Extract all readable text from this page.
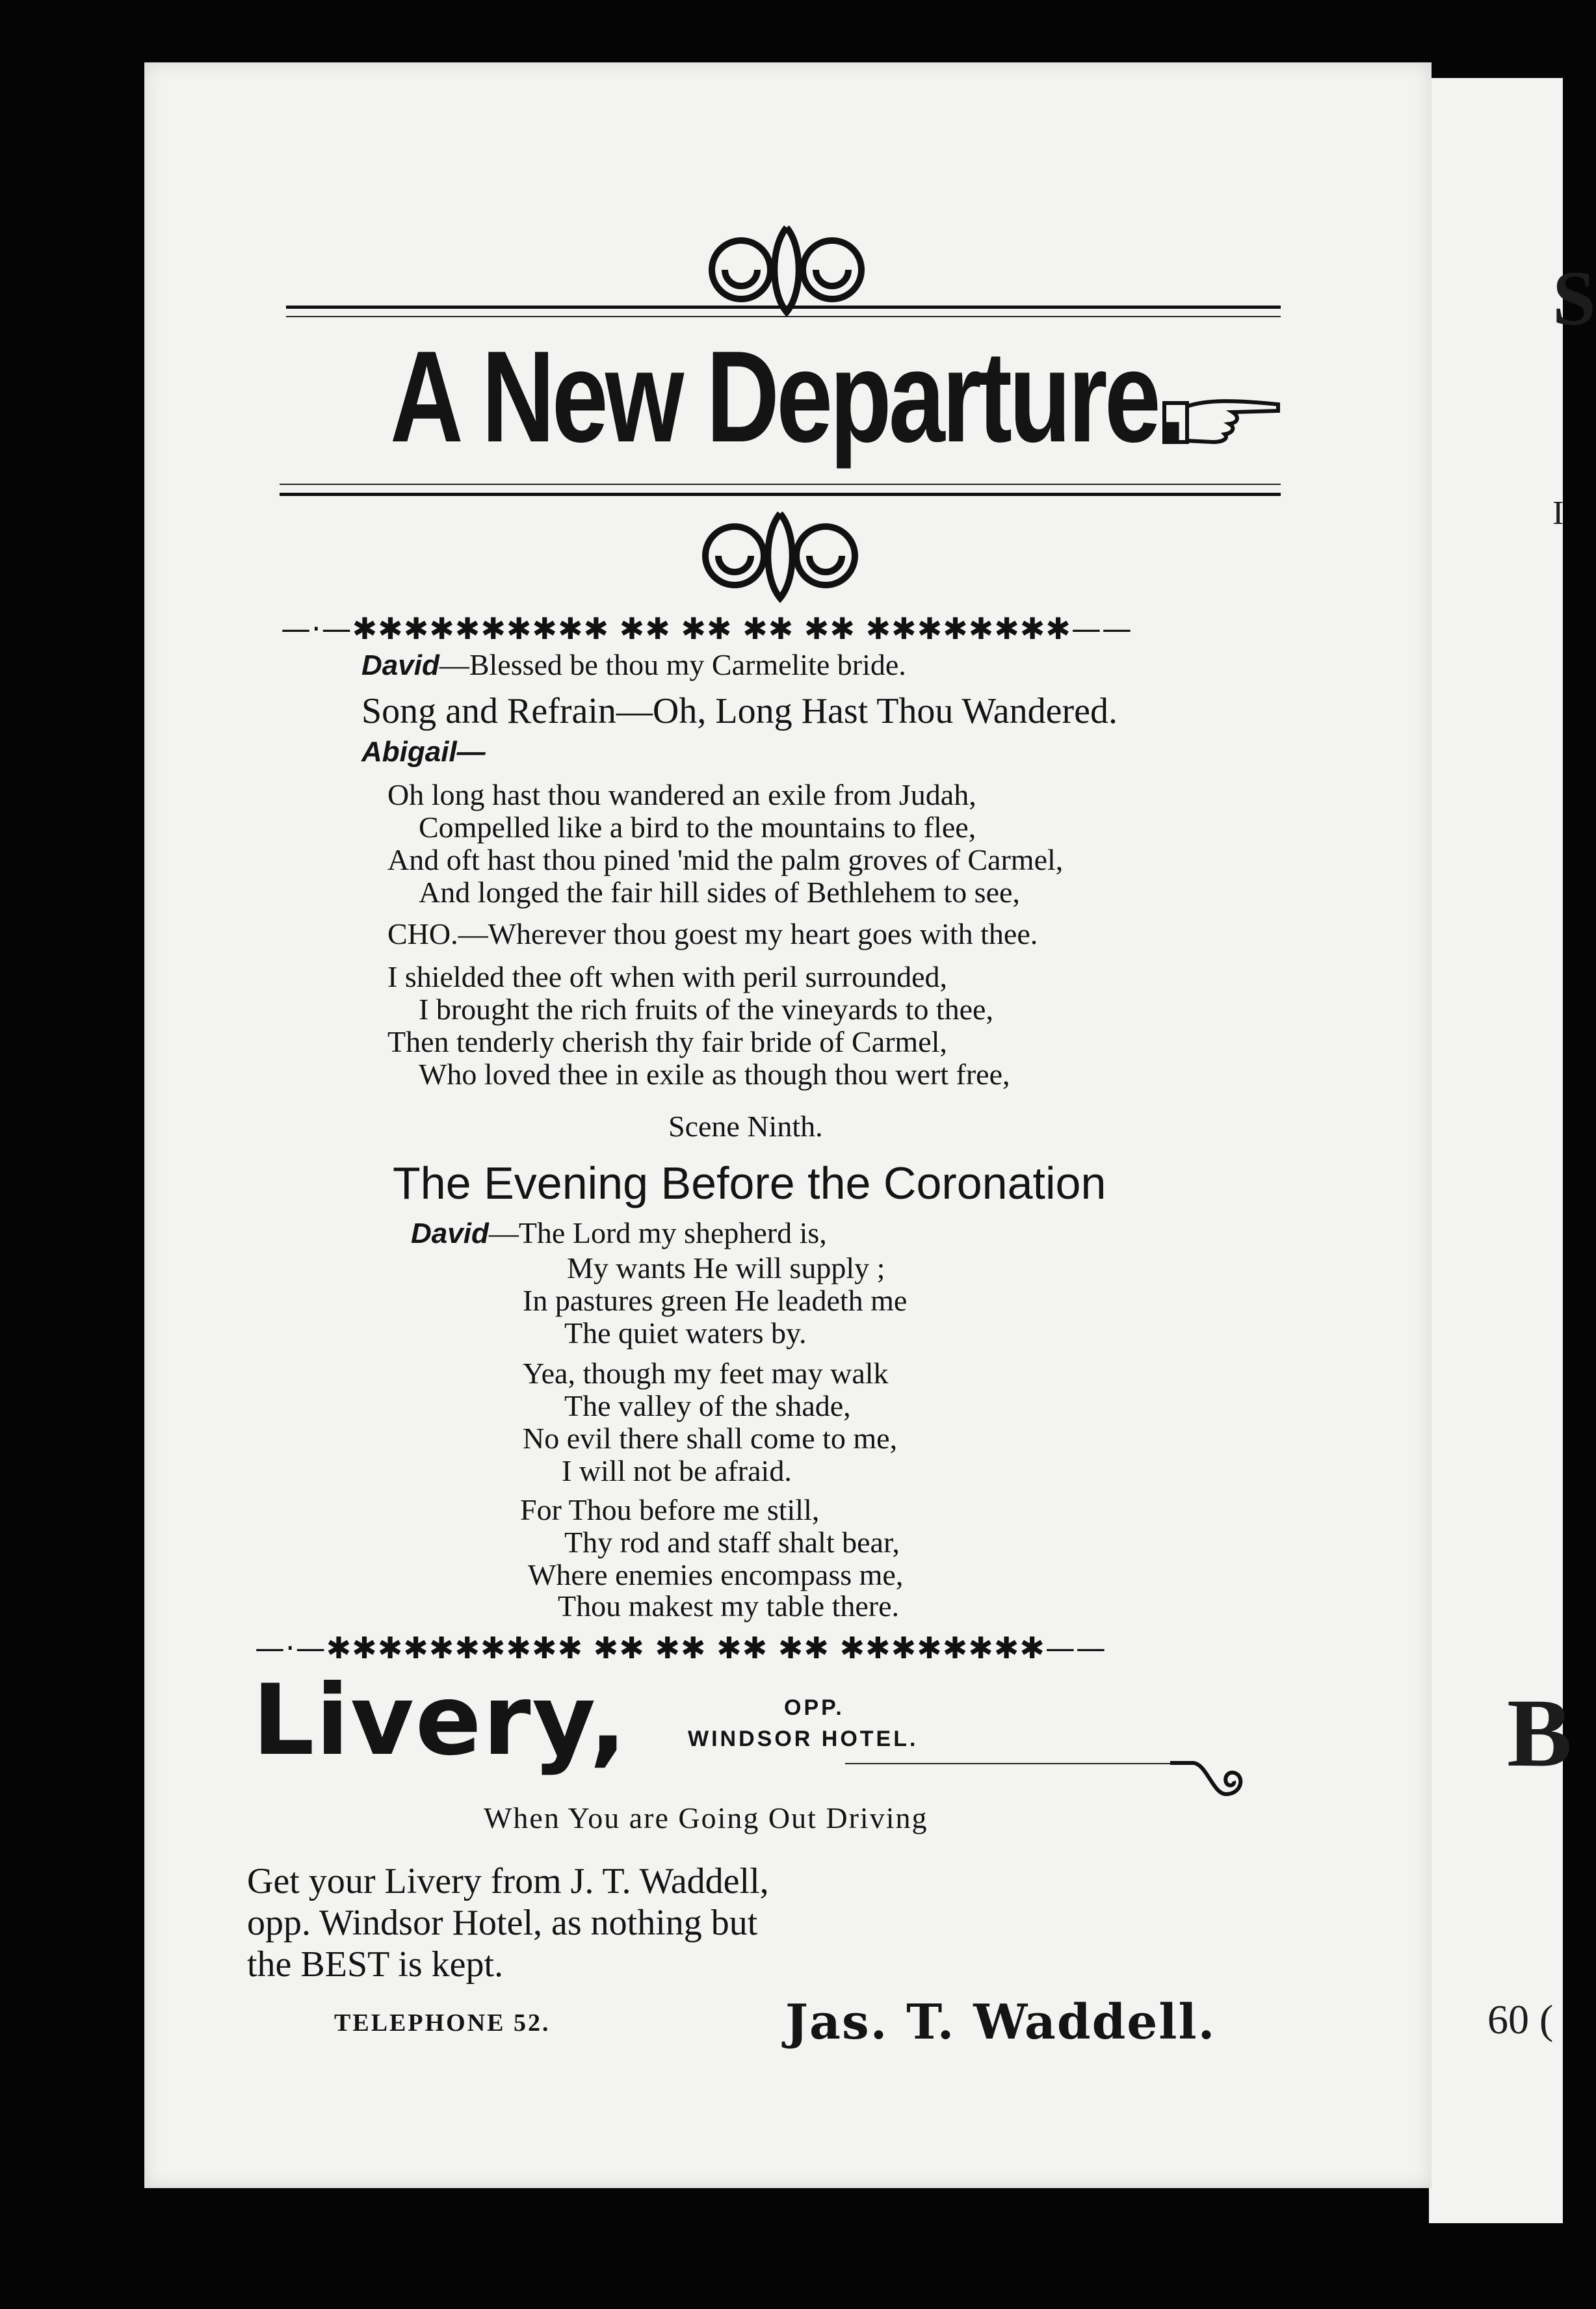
S
I
B
60 (
A New Departure.
—·—✱✱✱✱✱✱✱✱✱✱ ✱✱ ✱✱ ✱✱ ✱✱ ✱✱✱✱✱✱✱✱——
David—Blessed be thou my Carmelite bride.
Song and Refrain—Oh, Long Hast Thou Wandered.
Abigail—
Oh long hast thou wandered an exile from Judah,
Compelled like a bird to the mountains to flee,
And oft hast thou pined 'mid the palm groves of Carmel,
And longed the fair hill sides of Bethlehem to see,
CHO.—Wherever thou goest my heart goes with thee.
I shielded thee oft when with peril surrounded,
I brought the rich fruits of the vineyards to thee,
Then tenderly cherish thy fair bride of Carmel,
Who loved thee in exile as though thou wert free,
Scene Ninth.
The Evening Before the Coronation
David—The Lord my shepherd is,
My wants He will supply ;
In pastures green He leadeth me
The quiet waters by.
Yea, though my feet may walk
The valley of the shade,
No evil there shall come to me,
I will not be afraid.
For Thou before me still,
Thy rod and staff shalt bear,
Where enemies encompass me,
Thou makest my table there.
—·—✱✱✱✱✱✱✱✱✱✱ ✱✱ ✱✱ ✱✱ ✱✱ ✱✱✱✱✱✱✱✱——
Livery,	OPP.
WINDSOR HOTEL.
When You are Going Out Driving
Get your Livery from J. T. Waddell,
opp. Windsor Hotel, as nothing but
the BEST is kept.
TELEPHONE 52.	Jas. T. Waddell.
